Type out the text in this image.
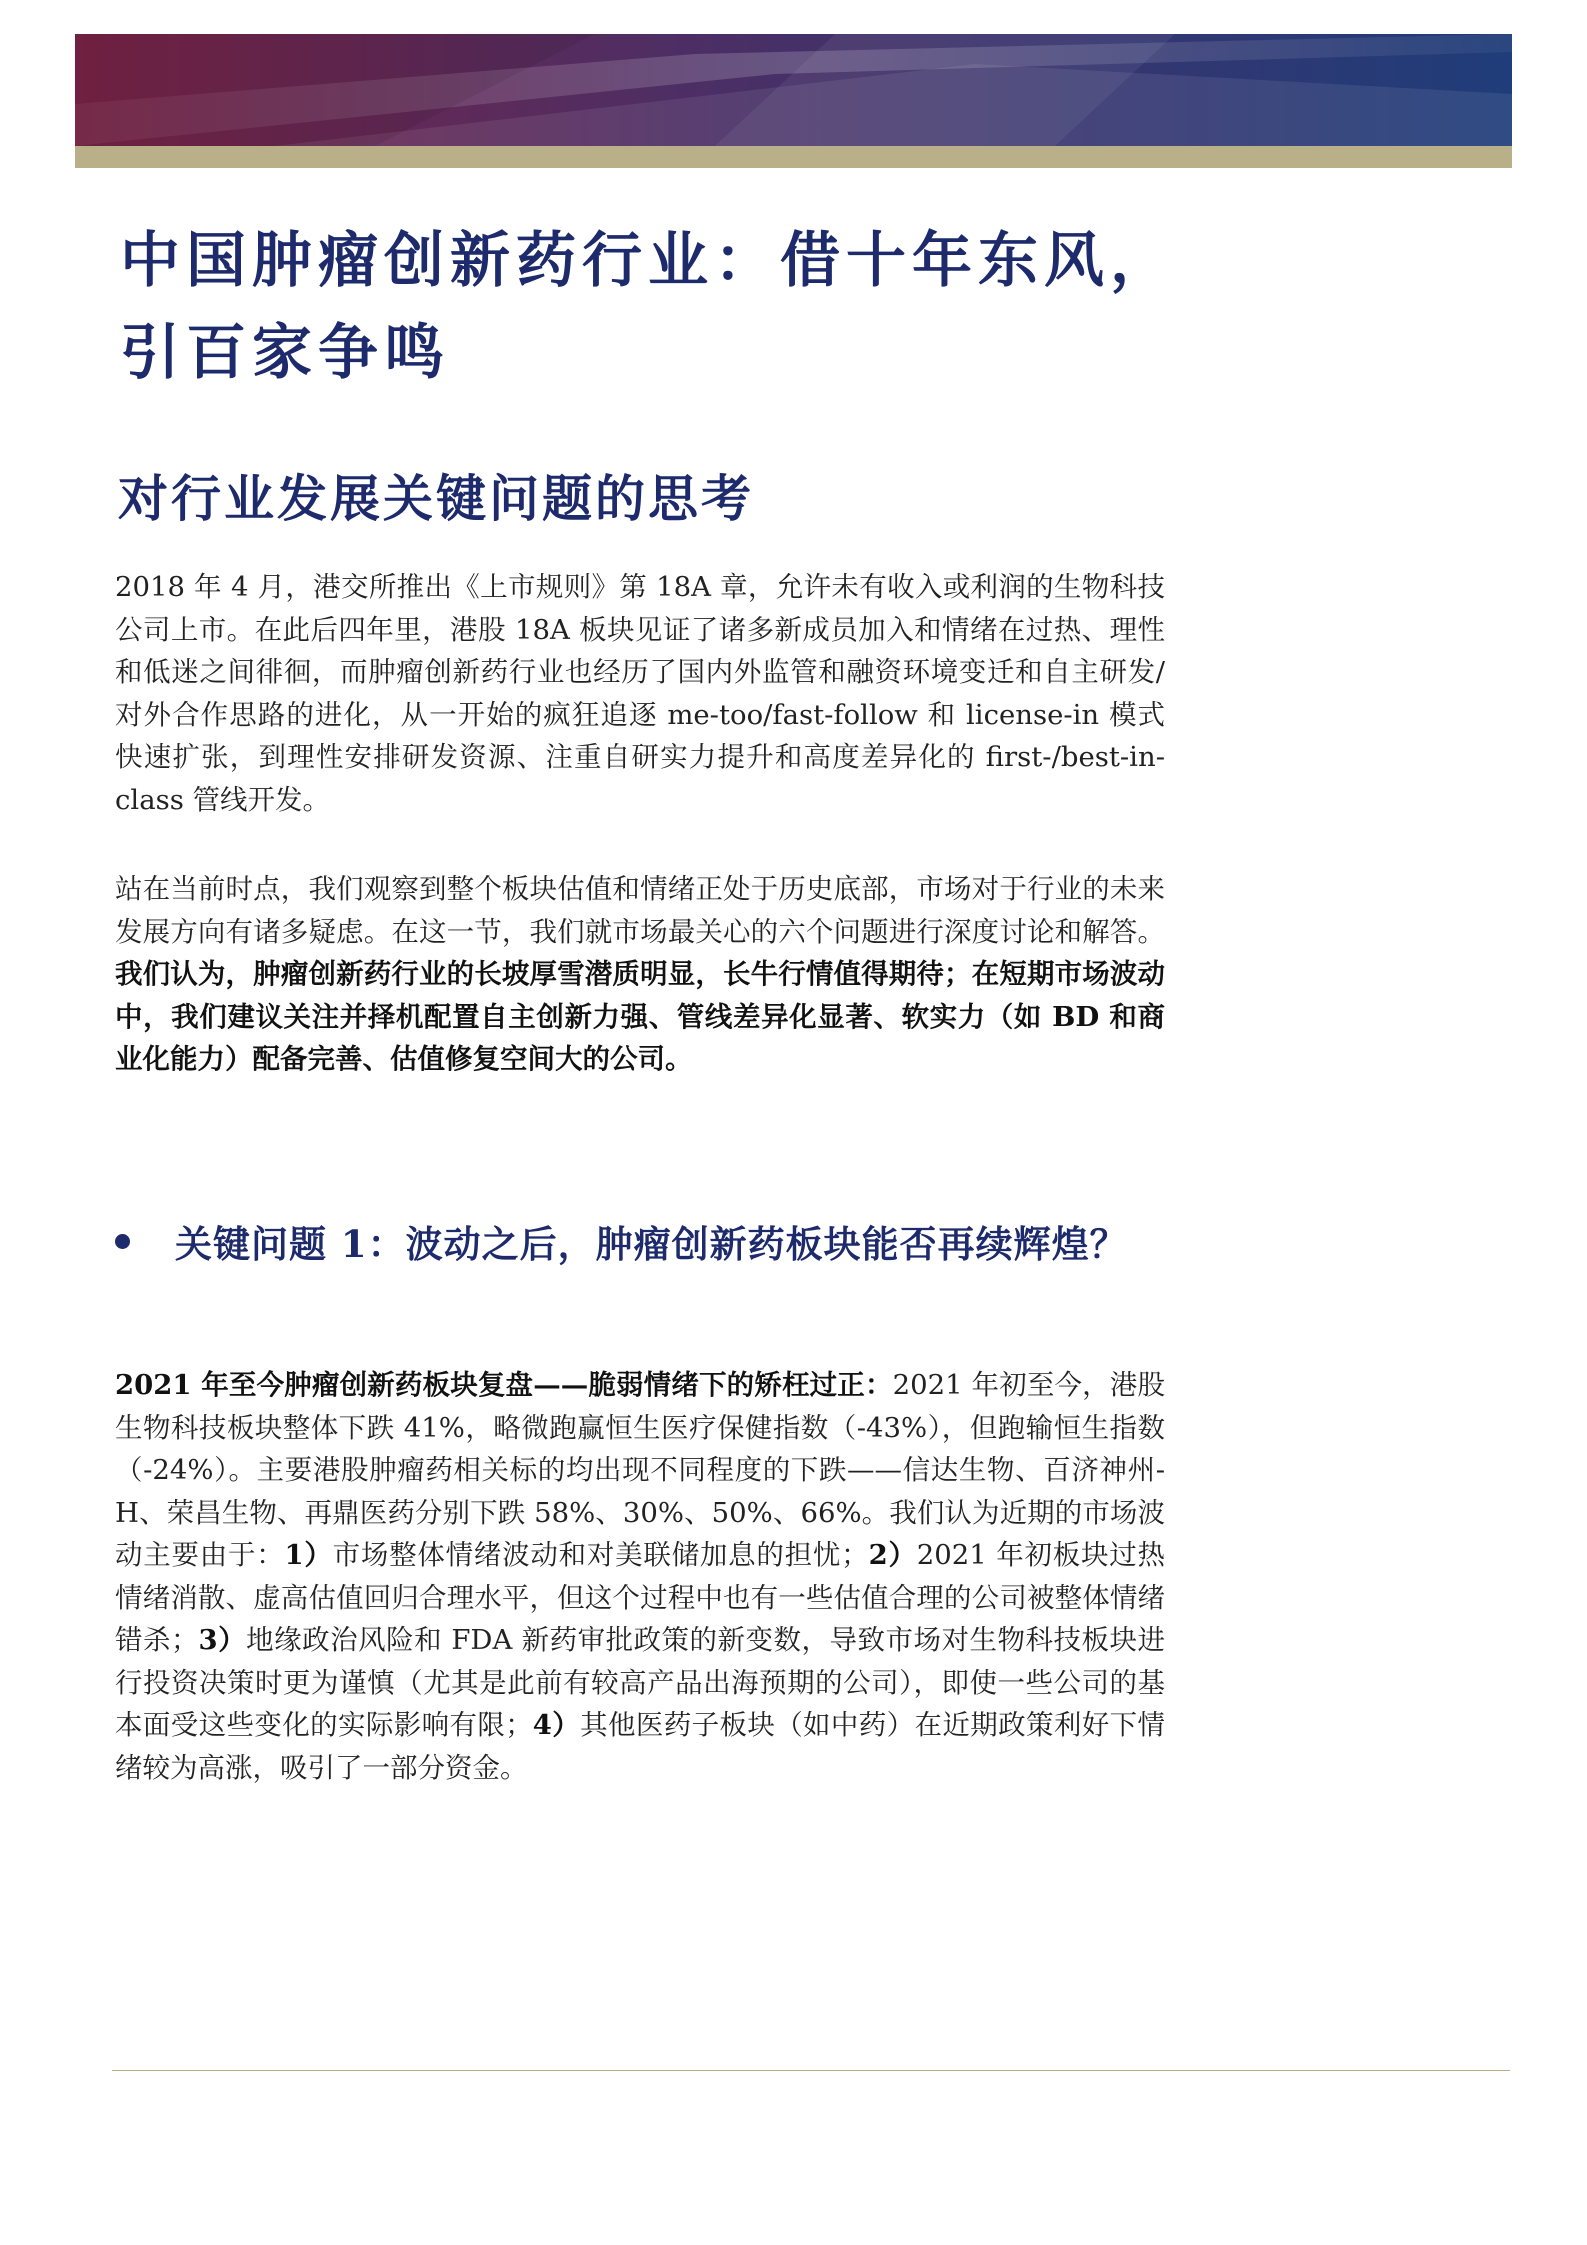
中国肿瘤创新药行业：借十年东风，
引百家争鸣
对行业发展关键问题的思考

2018 年 4 月，港交所推出《上市规则》第 18A 章，允许未有收入或利润的生物科技公司上市。在此后四年里，港股 18A 板块见证了诸多新成员加入和情绪在过热、理性和低迷之间徘徊，而肿瘤创新药行业也经历了国内外监管和融资环境变迁和自主研发/对外合作思路的进化，从一开始的疯狂追逐 me-too/fast-follow 和 license-in 模式快速扩张，到理性安排研发资源、注重自研实力提升和高度差异化的 first-/best-in-class 管线开发。

站在当前时点，我们观察到整个板块估值和情绪正处于历史底部，市场对于行业的未来发展方向有诸多疑虑。在这一节，我们就市场最关心的六个问题进行深度讨论和解答。我们认为，肿瘤创新药行业的长坡厚雪潜质明显，长牛行情值得期待；在短期市场波动中，我们建议关注并择机配置自主创新力强、管线差异化显著、软实力（如 BD 和商业化能力）配备完善、估值修复空间大的公司。

关键问题 1：波动之后，肿瘤创新药板块能否再续辉煌？

2021 年至今肿瘤创新药板块复盘——脆弱情绪下的矫枉过正：2021 年初至今，港股生物科技板块整体下跌 41%，略微跑赢恒生医疗保健指数（-43%），但跑输恒生指数（-24%）。主要港股肿瘤药相关标的均出现不同程度的下跌——信达生物、百济神州-H、荣昌生物、再鼎医药分别下跌 58%、30%、50%、66%。我们认为近期的市场波动主要由于：1）市场整体情绪波动和对美联储加息的担忧；2）2021 年初板块过热情绪消散、虚高估值回归合理水平，但这个过程中也有一些估值合理的公司被整体情绪错杀；3）地缘政治风险和 FDA 新药审批政策的新变数，导致市场对生物科技板块进行投资决策时更为谨慎（尤其是此前有较高产品出海预期的公司），即使一些公司的基本面受这些变化的实际影响有限；4）其他医药子板块（如中药）在近期政策利好下情绪较为高涨，吸引了一部分资金。
